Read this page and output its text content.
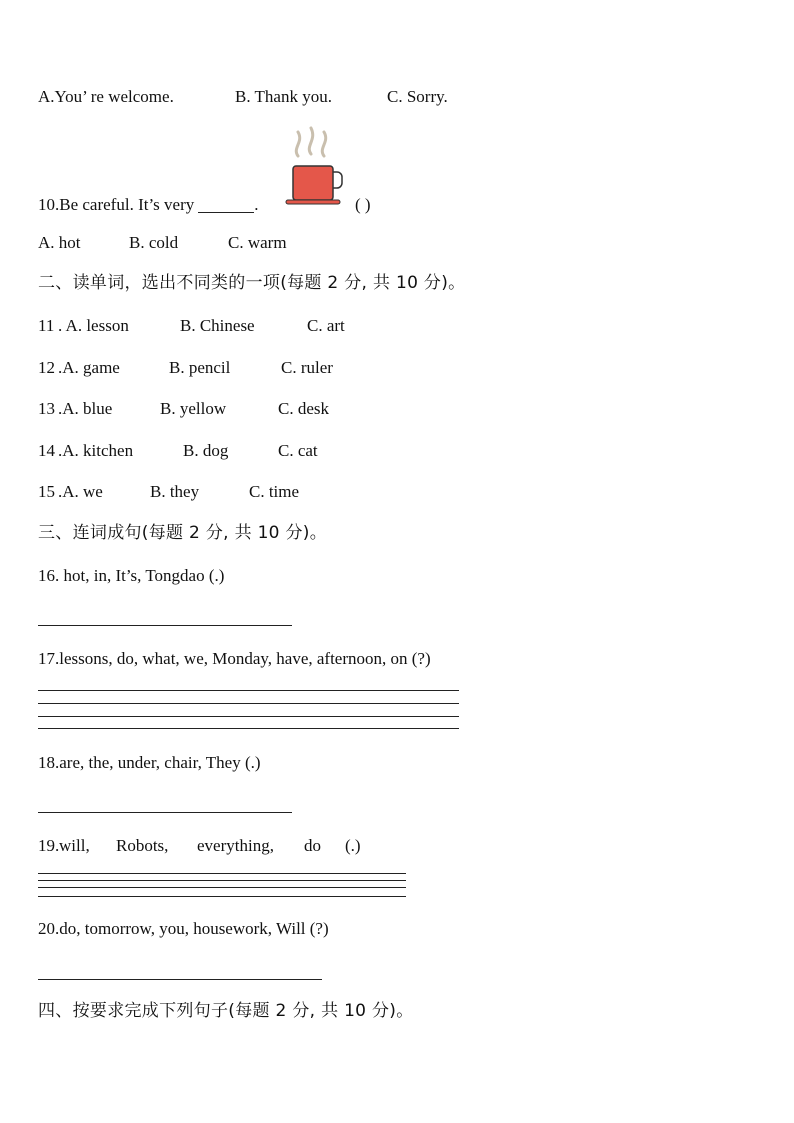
A.You’ re welcome.	B. Thank you.	C. Sorry.
10.Be careful. It’s very	.	( )
A. hot	B. cold	C. warm
二、读单词，选出不同类的一项(每题 2 分, 共 10 分)。
11 . A. lesson	B. Chinese	C. art
12 .A. game	B. pencil	C. ruler
13 .A. blue	B. yellow	C. desk
14 .A. kitchen	B. dog	C. cat
15 .A. we	B. they	C. time
三、连词成句(每题 2 分, 共 10 分)。
16. hot, in, It’s, Tongdao (.)
17.lessons, do, what, we, Monday, have, afternoon, on (?)
18.are, the, under, chair, They (.)
19. will, Robots, everything, do (.)
20.do, tomorrow, you, housework, Will (?)
四、按要求完成下列句子(每题 2 分, 共 10 分)。
